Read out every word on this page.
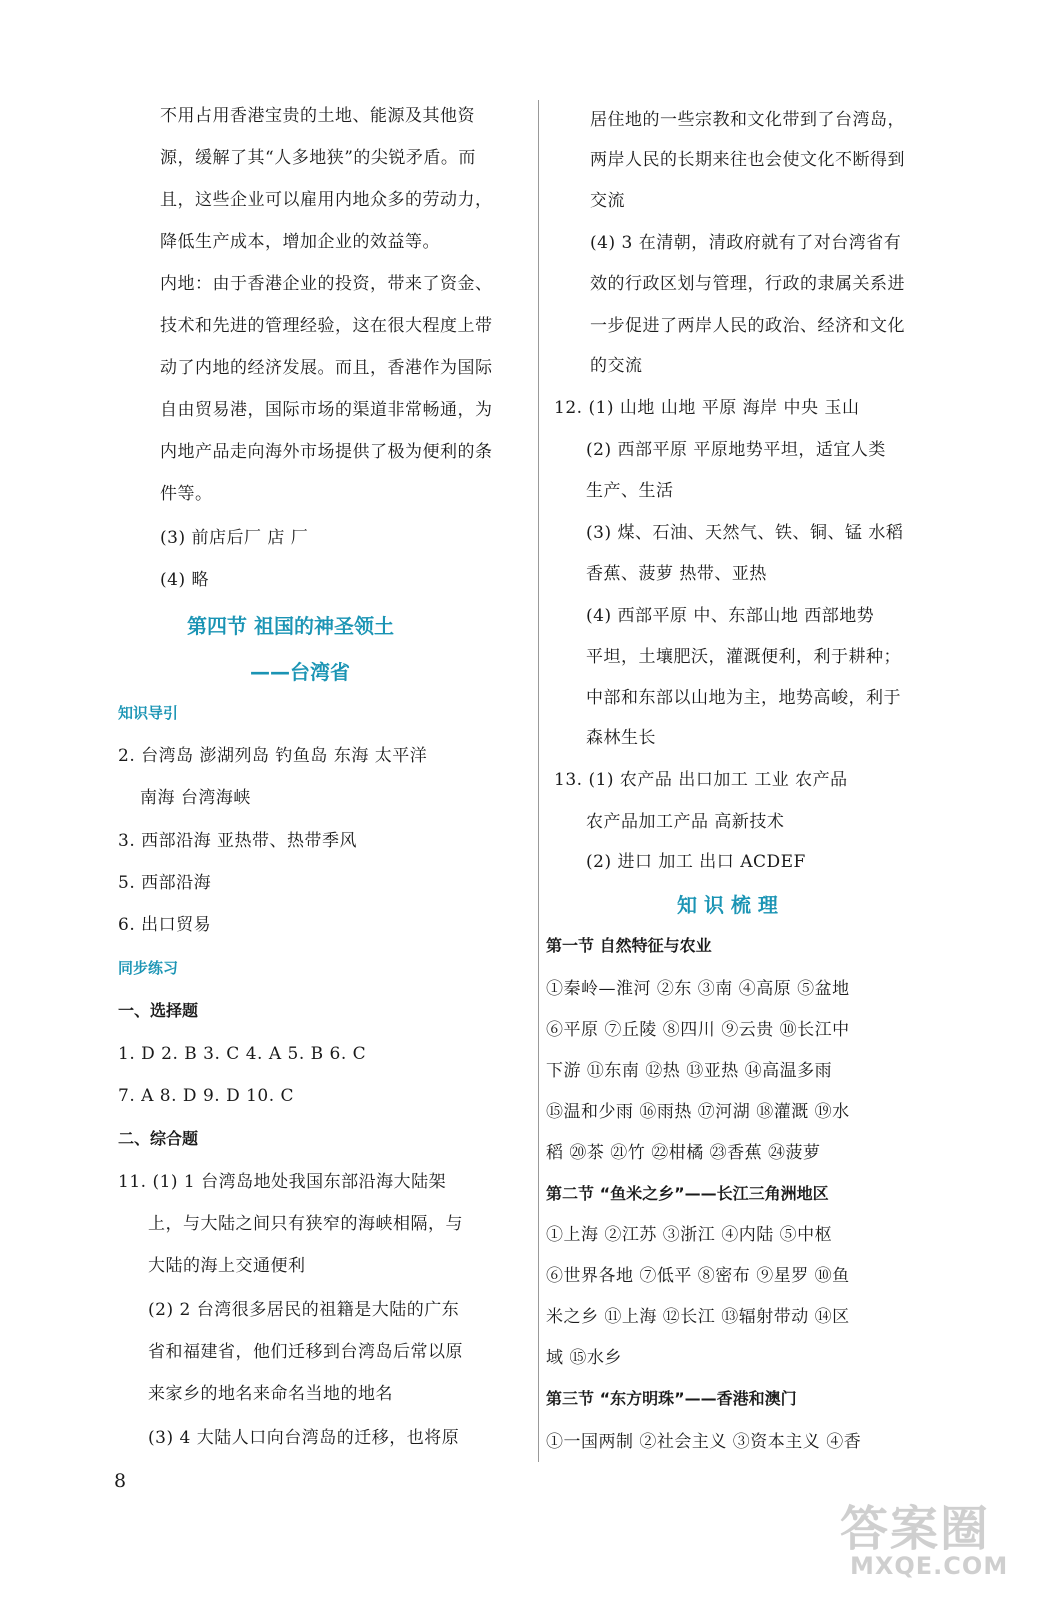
不用占用香港宝贵的土地、能源及其他资
源，缓解了其“人多地狭”的尖锐矛盾。而
且，这些企业可以雇用内地众多的劳动力，
降低生产成本，增加企业的效益等。
内地：由于香港企业的投资，带来了资金、
技术和先进的管理经验，这在很大程度上带
动了内地的经济发展。而且，香港作为国际
自由贸易港，国际市场的渠道非常畅通，为
内地产品走向海外市场提供了极为便利的条
件等。
(3) 前店后厂 店 厂
(4) 略
第四节 祖国的神圣领土
——台湾省
知识导引
2. 台湾岛 澎湖列岛 钓鱼岛 东海 太平洋
南海 台湾海峡
3. 西部沿海 亚热带、热带季风
5. 西部沿海
6. 出口贸易
同步练习
一、选择题
1. D 2. B 3. C 4. A 5. B 6. C
7. A 8. D 9. D 10. C
二、综合题
11. (1) 1 台湾岛地处我国东部沿海大陆架
上，与大陆之间只有狭窄的海峡相隔，与
大陆的海上交通便利
(2) 2 台湾很多居民的祖籍是大陆的广东
省和福建省，他们迁移到台湾岛后常以原
来家乡的地名来命名当地的地名
(3) 4 大陆人口向台湾岛的迁移，也将原
居住地的一些宗教和文化带到了台湾岛，
两岸人民的长期来往也会使文化不断得到
交流
(4) 3 在清朝，清政府就有了对台湾省有
效的行政区划与管理，行政的隶属关系进
一步促进了两岸人民的政治、经济和文化
的交流
12. (1) 山地 山地 平原 海岸 中央 玉山
(2) 西部平原 平原地势平坦，适宜人类
生产、生活
(3) 煤、石油、天然气、铁、铜、锰 水稻
香蕉、菠萝 热带、亚热
(4) 西部平原 中、东部山地 西部地势
平坦，土壤肥沃，灌溉便利，利于耕种；
中部和东部以山地为主，地势高峻，利于
森林生长
13. (1) 农产品 出口加工 工业 农产品
农产品加工产品 高新技术
(2) 进口 加工 出口 ACDEF
知 识 梳 理
第一节 自然特征与农业
①秦岭—淮河 ②东 ③南 ④高原 ⑤盆地
⑥平原 ⑦丘陵 ⑧四川 ⑨云贵 ⑩长江中
下游 ⑪东南 ⑫热 ⑬亚热 ⑭高温多雨
⑮温和少雨 ⑯雨热 ⑰河湖 ⑱灌溉 ⑲水
稻 ⑳茶 ㉑竹 ㉒柑橘 ㉓香蕉 ㉔菠萝
第二节 “鱼米之乡”——长江三角洲地区
①上海 ②江苏 ③浙江 ④内陆 ⑤中枢
⑥世界各地 ⑦低平 ⑧密布 ⑨星罗 ⑩鱼
米之乡 ⑪上海 ⑫长江 ⑬辐射带动 ⑭区
域 ⑮水乡
第三节 “东方明珠”——香港和澳门
①一国两制 ②社会主义 ③资本主义 ④香
8
答案圈
MXQE.COM
